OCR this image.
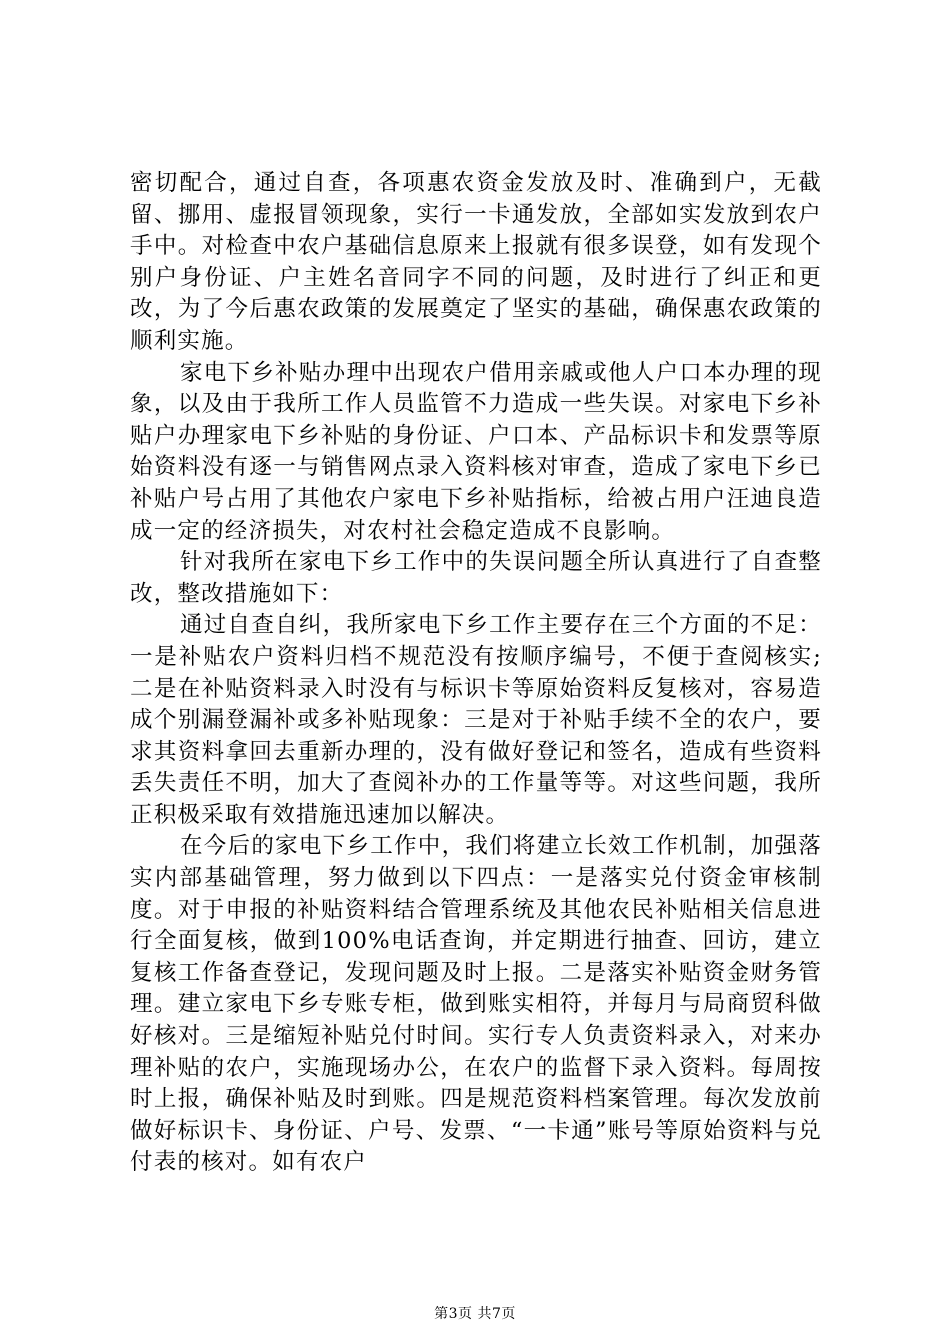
密切配合，通过自查，各项惠农资金发放及时、准确到户，无截留、挪用、虚报冒领现象，实行一卡通发放，全部如实发放到农户手中。对检查中农户基础信息原来上报就有很多误登，如有发现个别户身份证、户主姓名音同字不同的问题，及时进行了纠正和更改，为了今后惠农政策的发展奠定了坚实的基础，确保惠农政策的顺利实施。

家电下乡补贴办理中出现农户借用亲戚或他人户口本办理的现象，以及由于我所工作人员监管不力造成一些失误。对家电下乡补贴户办理家电下乡补贴的身份证、户口本、产品标识卡和发票等原始资料没有逐一与销售网点录入资料核对审查，造成了家电下乡已补贴户号占用了其他农户家电下乡补贴指标，给被占用户汪迪良造成一定的经济损失，对农村社会稳定造成不良影响。

针对我所在家电下乡工作中的失误问题全所认真进行了自查整改，整改措施如下：

通过自查自纠，我所家电下乡工作主要存在三个方面的不足：一是补贴农户资料归档不规范没有按顺序编号，不便于查阅核实;二是在补贴资料录入时没有与标识卡等原始资料反复核对，容易造成个别漏登漏补或多补贴现象：三是对于补贴手续不全的农户，要求其资料拿回去重新办理的，没有做好登记和签名，造成有些资料丢失责任不明，加大了查阅补办的工作量等等。对这些问题，我所正积极采取有效措施迅速加以解决。

在今后的家电下乡工作中，我们将建立长效工作机制，加强落实内部基础管理，努力做到以下四点：一是落实兑付资金审核制度。对于申报的补贴资料结合管理系统及其他农民补贴相关信息进行全面复核，做到100%电话查询，并定期进行抽查、回访，建立复核工作备查登记，发现问题及时上报。二是落实补贴资金财务管理。建立家电下乡专账专柜，做到账实相符，并每月与局商贸科做好核对。三是缩短补贴兑付时间。实行专人负责资料录入，对来办理补贴的农户，实施现场办公，在农户的监督下录入资料。每周按时上报，确保补贴及时到账。四是规范资料档案管理。每次发放前做好标识卡、身份证、户号、发票、“一卡通”账号等原始资料与兑付表的核对。如有农户

第3页 共7页
